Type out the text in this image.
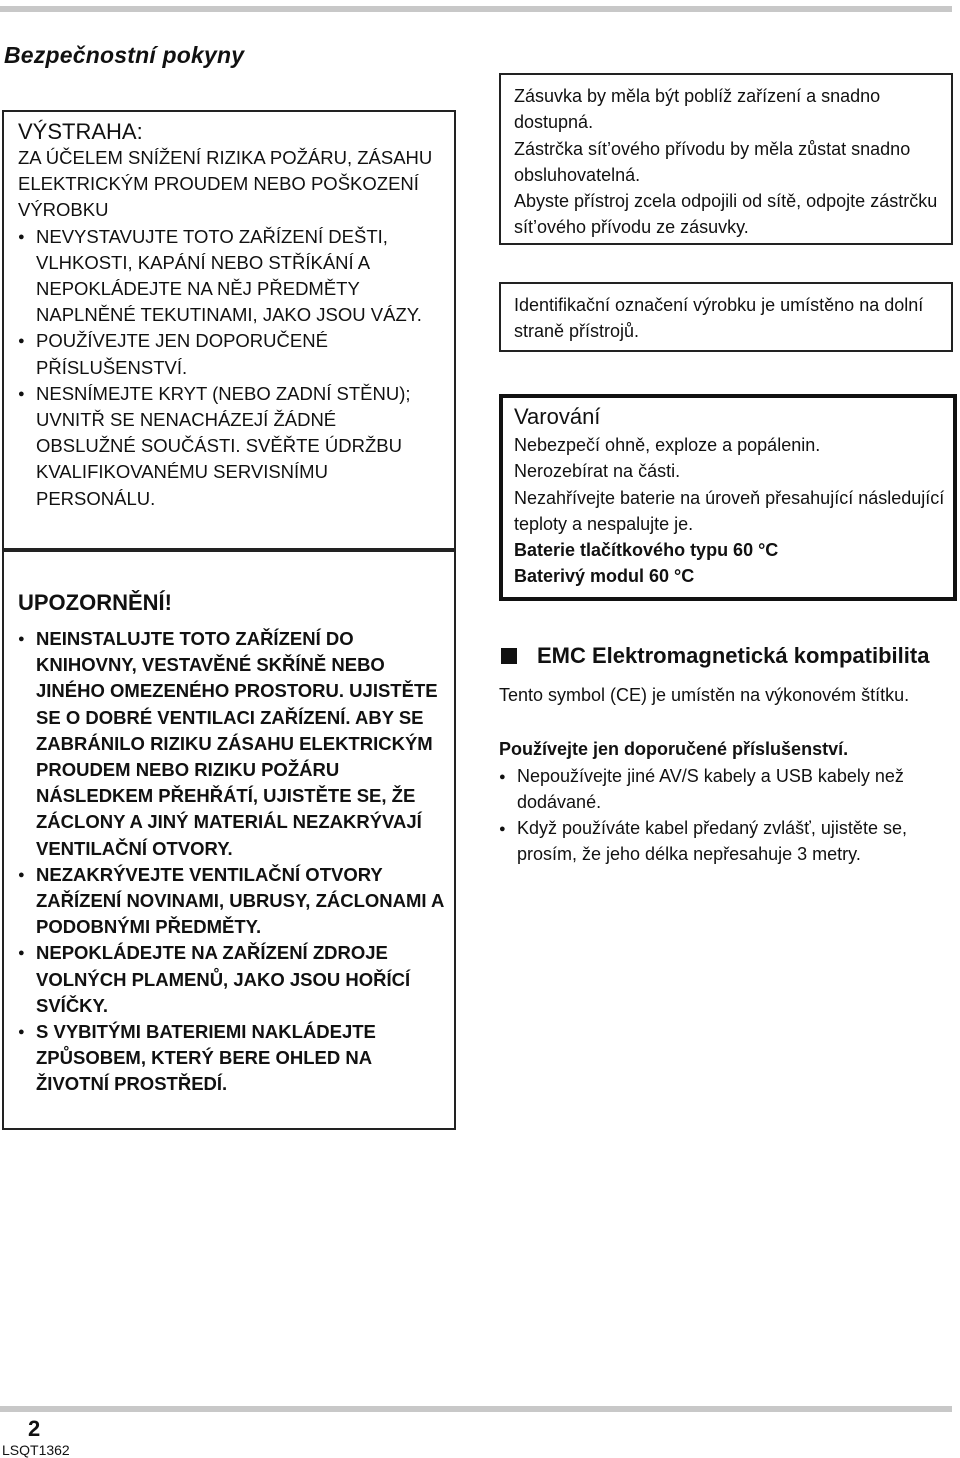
Bezpečnostní pokyny

VÝSTRAHA:

ZA ÚČELEM SNÍŽENÍ RIZIKA POŽÁRU, ZÁSAHU ELEKTRICKÝM PROUDEM NEBO POŠKOZENÍ VÝROBKU

● NEVYSTAVUJTE TOTO ZAŘÍZENÍ DEŠTI, VLHKOSTI, KAPÁNÍ NEBO STŘÍKÁNÍ A NEPOKLÁDEJTE NA NĚJ PŘEDMĚTY NAPLNĚNÉ TEKUTINAMI, JAKO JSOU VÁZY.
● POUŽÍVEJTE JEN DOPORUČENÉ PŘÍSLUŠENSTVÍ.
● NESNÍMEJTE KRYT (NEBO ZADNÍ STĚNU); UVNITŘ SE NENACHÁZEJÍ ŽÁDNÉ OBSLUŽNÉ SOUČÁSTI. SVĚŘTE ÚDRŽBU KVALIFIKOVANÉMU SERVISNÍMU PERSONÁLU.

UPOZORNĚNÍ!

● NEINSTALUJTE TOTO ZAŘÍZENÍ DO KNIHOVNY, VESTAVĚNÉ SKŘÍNĚ NEBO JINÉHO OMEZENÉHO PROSTORU. UJISTĚTE SE O DOBRÉ VENTILACI ZAŘÍZENÍ. ABY SE ZABRÁNILO RIZIKU ZÁSAHU ELEKTRICKÝM PROUDEM NEBO RIZIKU POŽÁRU NÁSLEDKEM PŘEHŘÁTÍ, UJISTĚTE SE, ŽE ZÁCLONY A JINÝ MATERIÁL NEZAKRÝVAJÍ VENTILAČNÍ OTVORY.
● NEZAKRÝVEJTE VENTILAČNÍ OTVORY ZAŘÍZENÍ NOVINAMI, UBRUSY, ZÁCLONAMI A PODOBNÝMI PŘEDMĚTY.
● NEPOKLÁDEJTE NA ZAŘÍZENÍ ZDROJE VOLNÝCH PLAMENŮ, JAKO JSOU HOŘÍCÍ SVÍČKY.
● S VYBITÝMI BATERIEMI NAKLÁDEJTE ZPŮSOBEM, KTERÝ BERE OHLED NA ŽIVOTNÍ PROSTŘEDÍ.

Zásuvka by měla být poblíž zařízení a snadno dostupná.

Zástrčka sít’ového přívodu by měla zůstat snadno obsluhovatelná.

Abyste přístroj zcela odpojili od sítě, odpojte zástrčku sít’ového přívodu ze zásuvky.

Identifikační označení výrobku je umístěno na dolní straně přístrojů.

Varování

Nebezpečí ohně, exploze a popálenin.

Nerozebírat na části.

Nezahřívejte baterie na úroveň přesahující následující teploty a nespalujte je.

Baterie tlačítkového typu 60 °C

Baterivý modul 60 °C

EMC Elektromagnetická kompatibilita

Tento symbol (CE) je umístěn na výkonovém štítku.

Používejte jen doporučené příslušenství.

● Nepoužívejte jiné AV/S kabely a USB kabely než dodávané.
● Když používáte kabel předaný zvlášť, ujistěte se, prosím, že jeho délka nepřesahuje 3 metry.

2

LSQT1362
